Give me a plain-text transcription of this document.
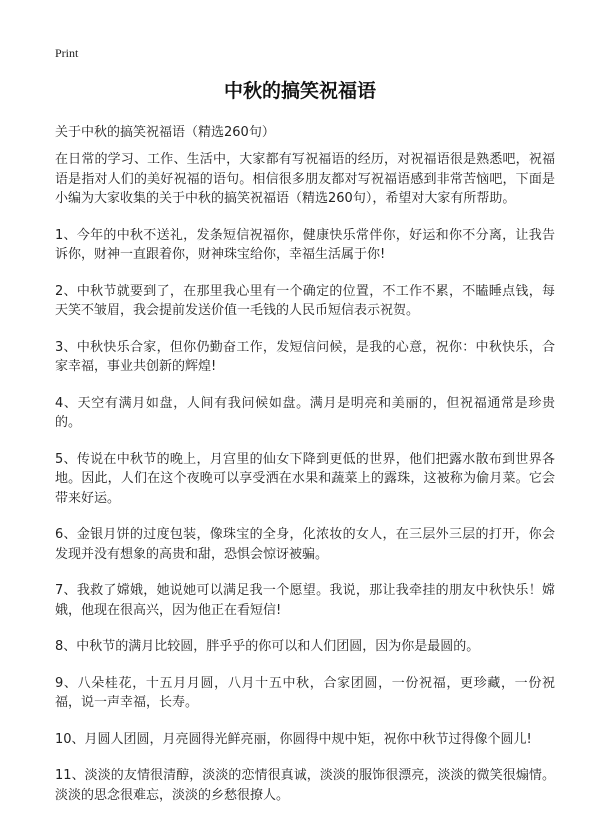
Print
中秋的搞笑祝福语

关于中秋的搞笑祝福语（精选260句）

在日常的学习、工作、生活中，大家都有写祝福语的经历，对祝福语很是熟悉吧，祝福语是指对人们的美好祝福的语句。相信很多朋友都对写祝福语感到非常苦恼吧，下面是小编为大家收集的关于中秋的搞笑祝福语（精选260句），希望对大家有所帮助。

1、今年的中秋不送礼，发条短信祝福你，健康快乐常伴你，好运和你不分离，让我告诉你，财神一直跟着你，财神珠宝给你，幸福生活属于你!

2、中秋节就要到了，在那里我心里有一个确定的位置，不工作不累，不瞌睡点钱，每天笑不皱眉，我会提前发送价值一毛钱的人民币短信表示祝贺。

3、中秋快乐合家，但你仍勤奋工作，发短信问候，是我的心意，祝你：中秋快乐，合家幸福，事业共创新的辉煌!

4、天空有满月如盘，人间有我问候如盘。满月是明亮和美丽的，但祝福通常是珍贵的。

5、传说在中秋节的晚上，月宫里的仙女下降到更低的世界，他们把露水散布到世界各地。因此，人们在这个夜晚可以享受洒在水果和蔬菜上的露珠，这被称为偷月菜。它会带来好运。

6、金银月饼的过度包装，像珠宝的全身，化浓妆的女人，在三层外三层的打开，你会发现并没有想象的高贵和甜，恐惧会惊讶被骗。

7、我救了嫦娥，她说她可以满足我一个愿望。我说，那让我牵挂的朋友中秋快乐！嫦娥，他现在很高兴，因为他正在看短信!

8、中秋节的满月比较圆，胖乎乎的你可以和人们团圆，因为你是最圆的。

9、八朵桂花，十五月月圆，八月十五中秋，合家团圆，一份祝福，更珍藏，一份祝福，说一声幸福，长寿。

10、月圆人团圆，月亮圆得光鲜亮丽，你圆得中规中矩，祝你中秋节过得像个圆儿!

11、淡淡的友情很清醇，淡淡的恋情很真诚，淡淡的服饰很漂亮，淡淡的微笑很煽情。淡淡的思念很难忘，淡淡的乡愁很撩人。
